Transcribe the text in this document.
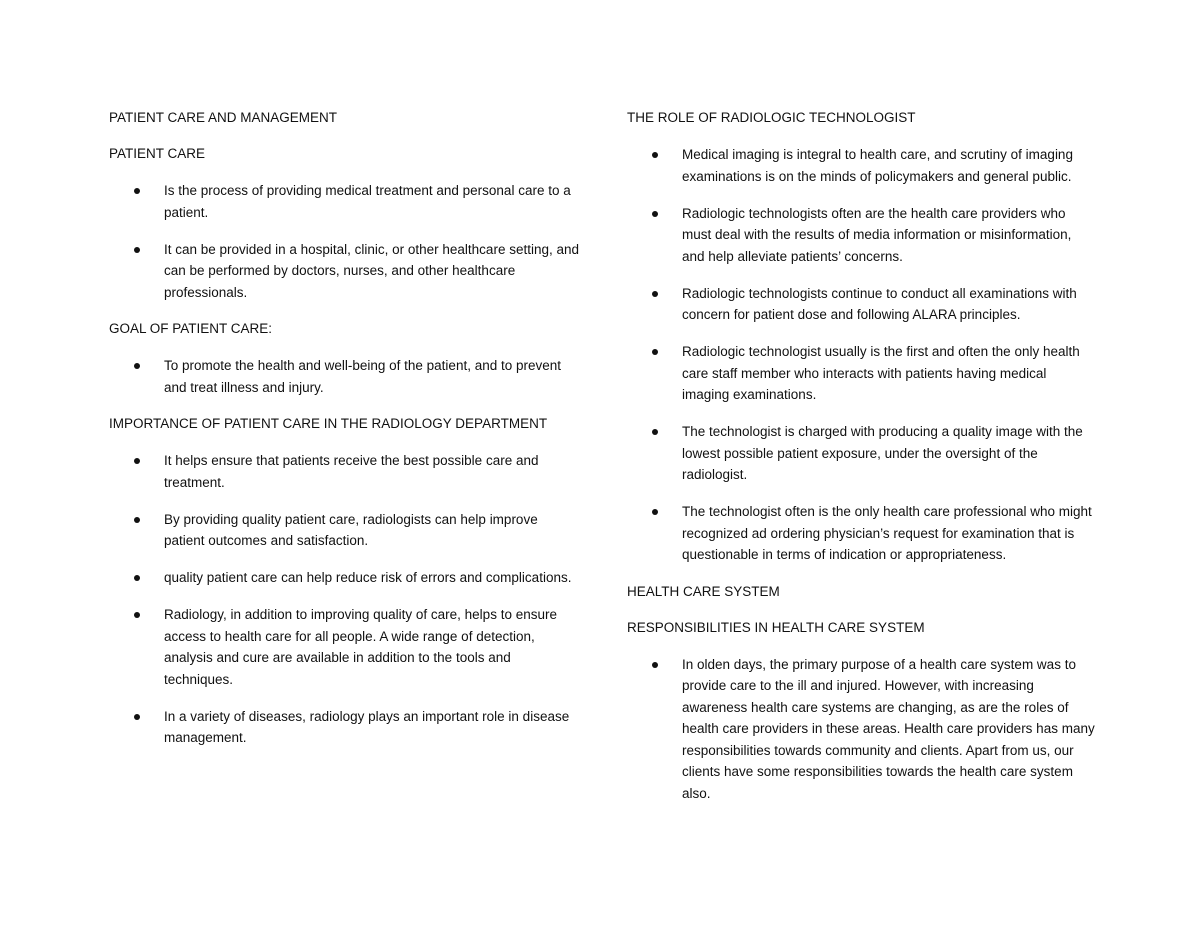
PATIENT CARE AND MANAGEMENT

PATIENT CARE

Is the process of providing medical treatment and personal care to a patient.
It can be provided in a hospital, clinic, or other healthcare setting, and can be performed by doctors, nurses, and other healthcare professionals.

GOAL OF PATIENT CARE:

To promote the health and well-being of the patient, and to prevent and treat illness and injury.

IMPORTANCE OF PATIENT CARE IN THE RADIOLOGY DEPARTMENT

It helps ensure that patients receive the best possible care and treatment.
By providing quality patient care, radiologists can help improve patient outcomes and satisfaction.
quality patient care can help reduce risk of errors and complications.
Radiology, in addition to improving quality of care, helps to ensure access to health care for all people. A wide range of detection, analysis and cure are available in addition to the tools and techniques.
In a variety of diseases, radiology plays an important role in disease management.

THE ROLE OF RADIOLOGIC TECHNOLOGIST

Medical imaging is integral to health care, and scrutiny of imaging examinations is on the minds of policymakers and general public.
Radiologic technologists often are the health care providers who must deal with the results of media information or misinformation, and help alleviate patients’ concerns.
Radiologic technologists continue to conduct all examinations with concern for patient dose and following ALARA principles.
Radiologic technologist usually is the first and often the only health care staff member who interacts with patients having medical imaging examinations.
The technologist is charged with producing a quality image with the lowest possible patient exposure, under the oversight of the radiologist.
The technologist often is the only health care professional who might recognized ad ordering physician’s request for examination that is questionable in terms of indication or appropriateness.

HEALTH CARE SYSTEM

RESPONSIBILITIES IN HEALTH CARE SYSTEM

In olden days, the primary purpose of a health care system was to provide care to the ill and injured. However, with increasing awareness health care systems are changing, as are the roles of health care providers in these areas. Health care providers has many responsibilities towards community and clients. Apart from us, our clients have some responsibilities towards the health care system also.
